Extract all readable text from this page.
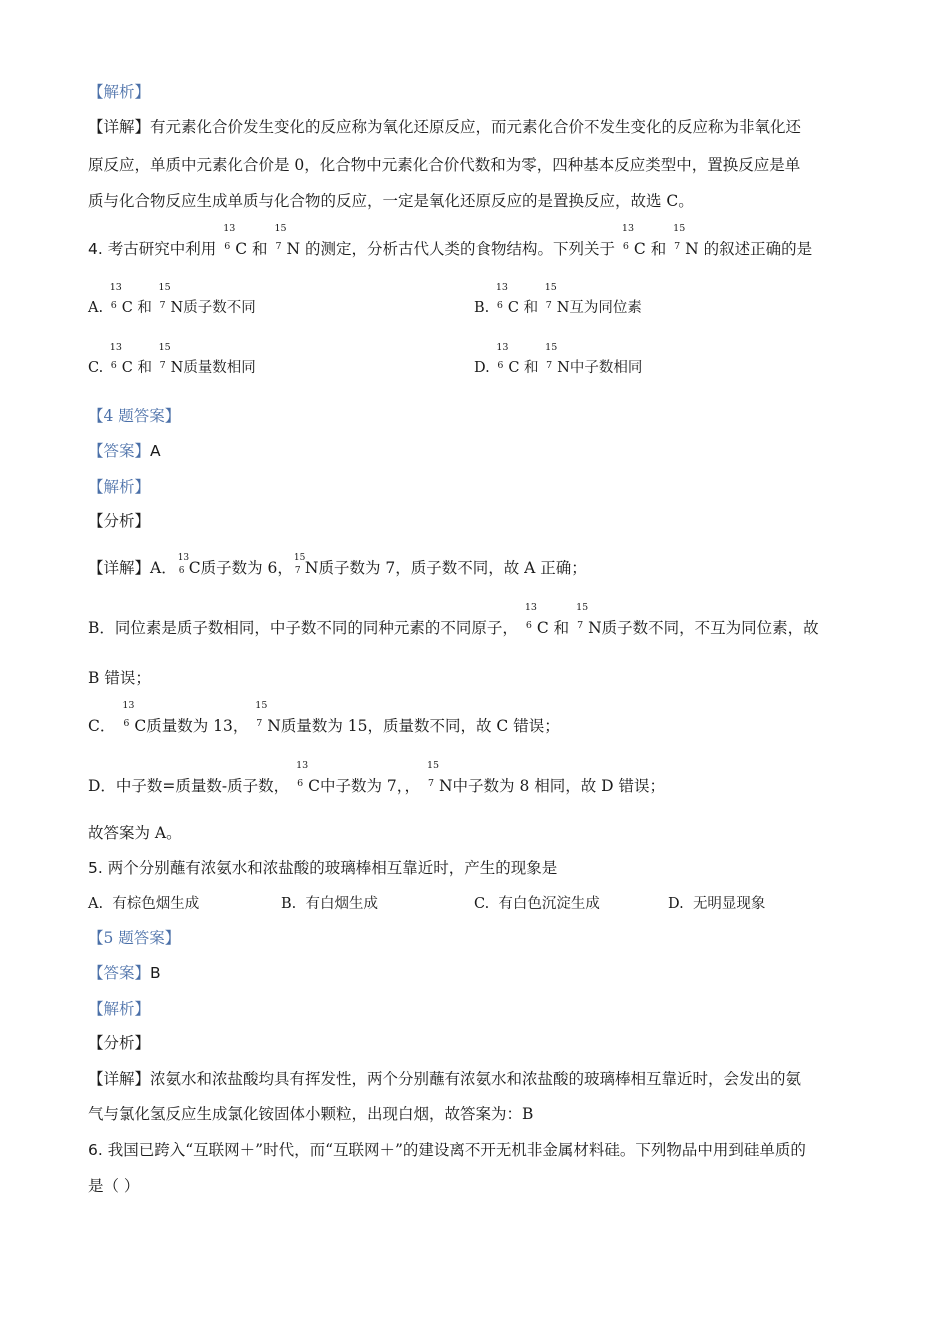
【解析】
【详解】有元素化合价发生变化的反应称为氧化还原反应，而元素化合价不发生变化的反应称为非氧化还
原反应，单质中元素化合价是 0，化合物中元素化合价代数和为零，四种基本反应类型中，置换反应是单
质与化合物反应生成单质与化合物的反应，一定是氧化还原反应的是置换反应，故选 C。
4. 考古研究中利用
13
6 C 和
15
7 N 的测定，分析古代人类的食物结构。下列关于
13
6 C 和
15
7 N 的叙述正确的是
A.
13
6 C 和
15
7 N质子数不同	B.
13
6 C 和
15
7 N互为同位素
C.
13
6 C 和
15
7 N质量数相同	D.
13
6 C 和
15
7 N中子数相同
【4 题答案】
【答案】A
【解析】
【分析】
【详解】A．
13
6 C质子数为 6，
15
7 N质子数为 7，质子数不同，故 A 正确；
B．同位素是质子数相同，中子数不同的同种元素的不同原子，
13
6 C 和
15
7 N质子数不同，不互为同位素，故
B 错误；
C．
13
6 C质量数为 13，
15
7 N质量数为 15，质量数不同，故 C 错误；
D．中子数=质量数-质子数，
13
6 C中子数为 7，，
15
7 N中子数为 8 相同，故 D 错误；
故答案为 A。
5. 两个分别蘸有浓氨水和浓盐酸的玻璃棒相互靠近时，产生的现象是
A. 有棕色烟生成	B. 有白烟生成	C. 有白色沉淀生成	D. 无明显现象
【5 题答案】
【答案】B
【解析】
【分析】
【详解】浓氨水和浓盐酸均具有挥发性，两个分别蘸有浓氨水和浓盐酸的玻璃棒相互靠近时，会发出的氨
气与氯化氢反应生成氯化铵固体小颗粒，出现白烟，故答案为：B
6. 我国已跨入“互联网＋”时代，而“互联网＋”的建设离不开无机非金属材料硅。下列物品中用到硅单质的
是（ ）
